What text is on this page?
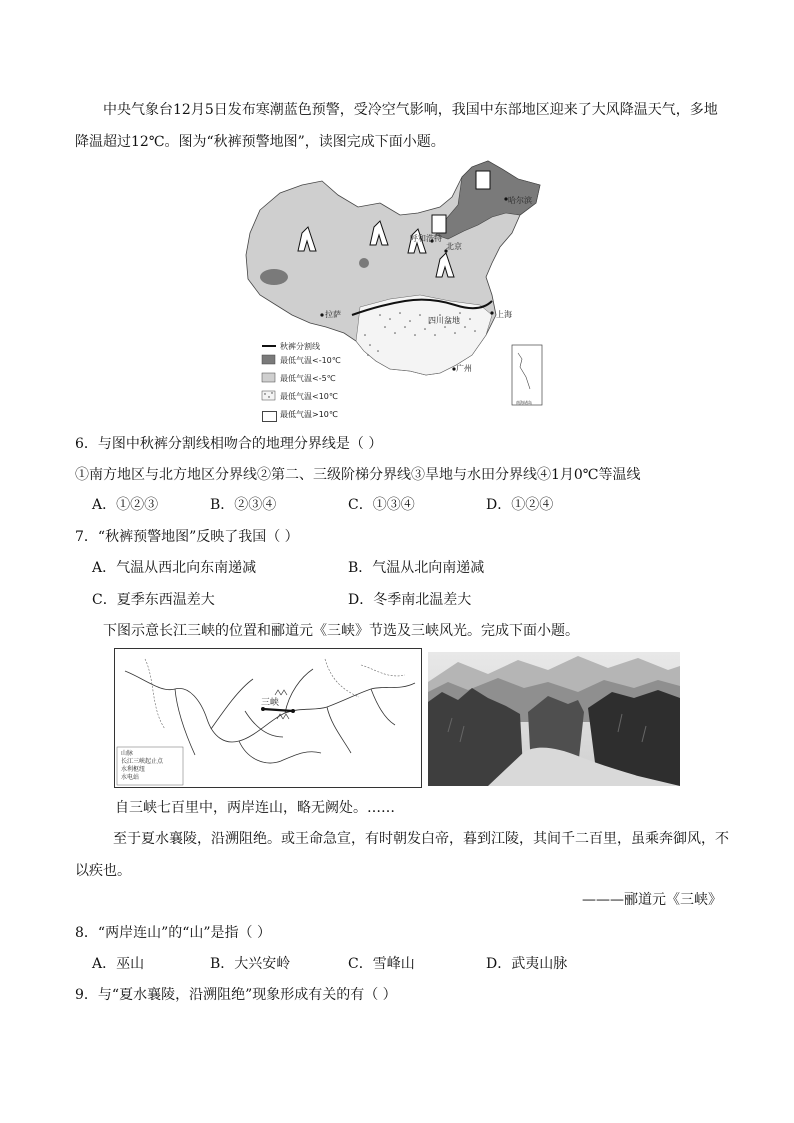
中央气象台12月5日发布寒潮蓝色预警，受冷空气影响，我国中东部地区迎来了大风降温天气，多地
降温超过12℃。图为“秋裤预警地图”，读图完成下面小题。
哈尔滨
呼和浩特
北京
拉萨
四川盆地
上海
广州
南海诸岛
秋裤分割线
最低气温<-10℃
最低气温<-5℃
最低气温<10℃
最低气温>10℃
6．与图中秋裤分割线相吻合的地理分界线是（ ）
①南方地区与北方地区分界线②第二、三级阶梯分界线③旱地与水田分界线④1月0℃等温线
A．①②③	B．②③④	C．①③④	D．①②④
7．“秋裤预警地图”反映了我国（ ）
A．气温从西北向东南递减	B．气温从北向南递减
C．夏季东西温差大	D．冬季南北温差大
下图示意长江三峡的位置和郦道元《三峡》节选及三峡风光。完成下面小题。
三峡
山脉
长江三峡起止点
水利枢纽
水电站
自三峡七百里中，两岸连山，略无阙处。……
至于夏水襄陵，沿溯阻绝。或王命急宣，有时朝发白帝，暮到江陵，其间千二百里，虽乘奔御风，不
以疾也。
———郦道元《三峡》
8．“两岸连山”的“山”是指（ ）
A．巫山	B．大兴安岭	C．雪峰山	D．武夷山脉
9．与“夏水襄陵，沿溯阻绝”现象形成有关的有（ ）
